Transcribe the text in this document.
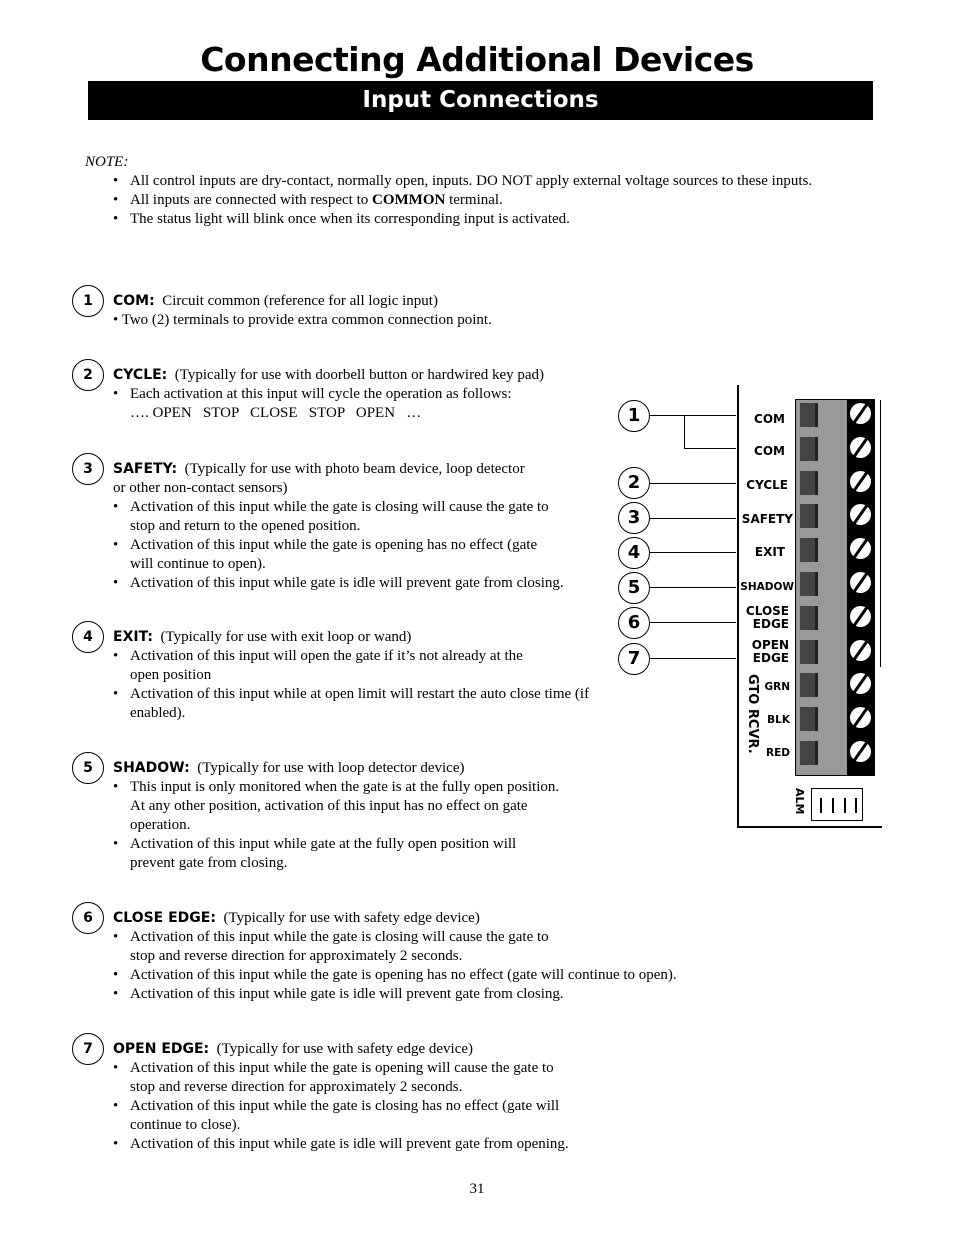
Connecting Additional Devices
Input Connections
NOTE:
• All control inputs are dry-contact, normally open, inputs. DO NOT apply external voltage sources to these inputs.
• All inputs are connected with respect to COMMON terminal.
• The status light will blink once when its corresponding input is activated.
1	COM: Circuit common (reference for all logic input)
• Two (2) terminals to provide extra common connection point.
2	CYCLE: (Typically for use with doorbell button or hardwired key pad)
• Each activation at this input will cycle the operation as follows:
…. OPEN   STOP   CLOSE   STOP   OPEN   …
3	SAFETY: (Typically for use with photo beam device, loop detector
or other non-contact sensors)
• Activation of this input while the gate is closing will cause the gate to stop and return to the opened position.
• Activation of this input while the gate is opening has no effect (gate will continue to open).
• Activation of this input while gate is idle will prevent gate from closing.
4	EXIT: (Typically for use with exit loop or wand)
• Activation of this input will open the gate if it’s not already at the open position
• Activation of this input while at open limit will restart the auto close time (if enabled).
5	SHADOW: (Typically for use with loop detector device)
• This input is only monitored when the gate is at the fully open position. At any other position, activation of this input has no effect on gate operation.
• Activation of this input while gate at the fully open position will prevent gate from closing.
6	CLOSE EDGE: (Typically for use with safety edge device)
• Activation of this input while the gate is closing will cause the gate to stop and reverse direction for approximately 2 seconds.
• Activation of this input while the gate is opening has no effect (gate will continue to open).
• Activation of this input while gate is idle will prevent gate from closing.
7	OPEN EDGE: (Typically for use with safety edge device)
• Activation of this input while the gate is opening will cause the gate to stop and reverse direction for approximately 2 seconds.
• Activation of this input while the gate is closing has no effect (gate will continue to close).
• Activation of this input while gate is idle will prevent gate from opening.
COM
COM
CYCLE
SAFETY
EXIT
SHADOW
CLOSE EDGE
OPEN EDGE
GRN
BLK
RED
GTO RCVR.
ALM
1
2
3
4
5
6
7
31
